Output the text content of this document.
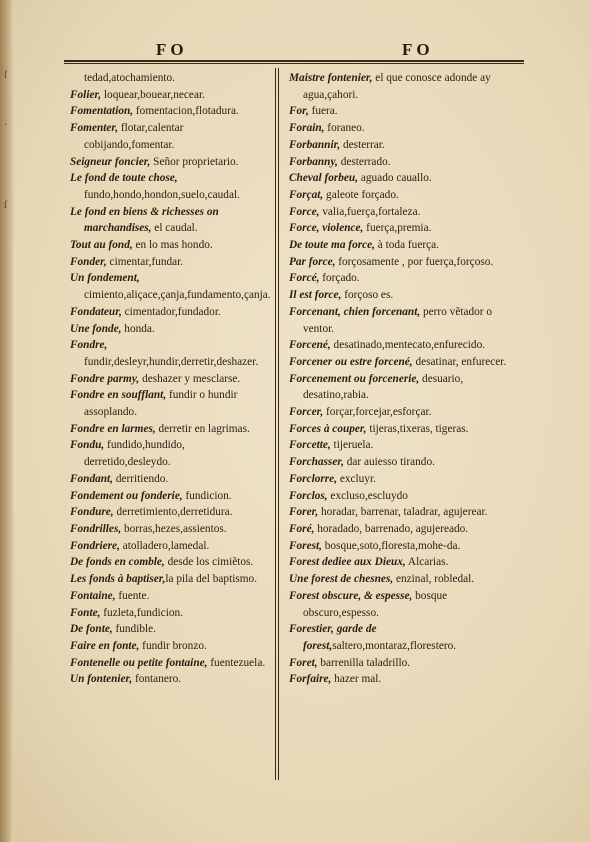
ſ
·
ſ
FO	FO

tedad,atochamiento.

Folier, loquear,bouear,necear.

Fomentation, fomentacion,flotadura.

Fomenter, flotar,calentar cobijando,fomentar.

Seigneur foncier, Señor proprietario.

Le fond de toute chose, fundo,hondo,hondon,suelo,caudal.

Le fond en biens & richesses on marchandises, el caudal.

Tout au fond, en lo mas hondo.

Fonder, cimentar,fundar.

Un fondement, cimiento,aliçace,çanja,fundamento,çanja.

Fondateur, cimentador,fundador.

Une fonde, honda.

Fondre, fundir,desleyr,hundir,derretir,deshazer.

Fondre parmy, deshazer y mesclarse.

Fondre en soufflant, fundir o hundir assoplando.

Fondre en larmes, derretir en lagrimas.

Fondu, fundido,hundido, derretido,desleydo.

Fondant, derritiendo.

Fondement ou fonderie, fundicion.

Fondure, derretimiento,derretidura.

Fondrilles, borras,hezes,assientos.

Fondriere, atolladero,lamedal.

De fonds en comble, desde los cimiẽtos.

Les fonds à baptiser,la pila del baptismo.

Fontaine, fuente.

Fonte, fuzleta,fundicion.

De fonte, fundible.

Faire en fonte, fundir bronzo.

Fontenelle ou petite fontaine, fuentezuela.

Un fontenier, fontanero.

Maistre fontenier, el que conosce adonde ay agua,çahori.

For, fuera.

Forain, foraneo.

Forbannir, desterrar.

Forbanny, desterrado.

Cheval forbeu, aguado cauallo.

Forçat, galeote forçado.

Force, valia,fuerça,fortaleza.

Force, violence, fuerça,premia.

De toute ma force, à toda fuerça.

Par force, forçosamente , por fuerça,forçoso.

Forcé, forçado.

Il est force, forçoso es.

Forcenant, chien forcenant, perro vẽtador o ventor.

Forcené, desatinado,mentecato,enfurecido.

Forcener ou estre forcené, desatinar, enfurecer.

Forcenement ou forcenerie, desuario, desatino,rabia.

Forcer, forçar,forcejar,esforçar.

Forces à couper, tijeras,tixeras, tigeras.

Forcette, tijeruela.

Forchasser, dar auiesso tirando.

Forclorre, excluyr.

Forclos, excluso,escluydo

Forer, horadar, barrenar, taladrar, agujerear.

Foré, horadado, barrenado, agujereado.

Forest, bosque,soto,floresta,mohe-da.

Forest dediee aux Dieux, Alcarias.

Une forest de chesnes, enzinal, robledal.

Forest obscure, & espesse, bosque obscuro,espesso.

Forestier, garde de forest,saltero,montaraz,florestero.

Foret, barrenilla taladrillo.

Forfaire, hazer mal.
